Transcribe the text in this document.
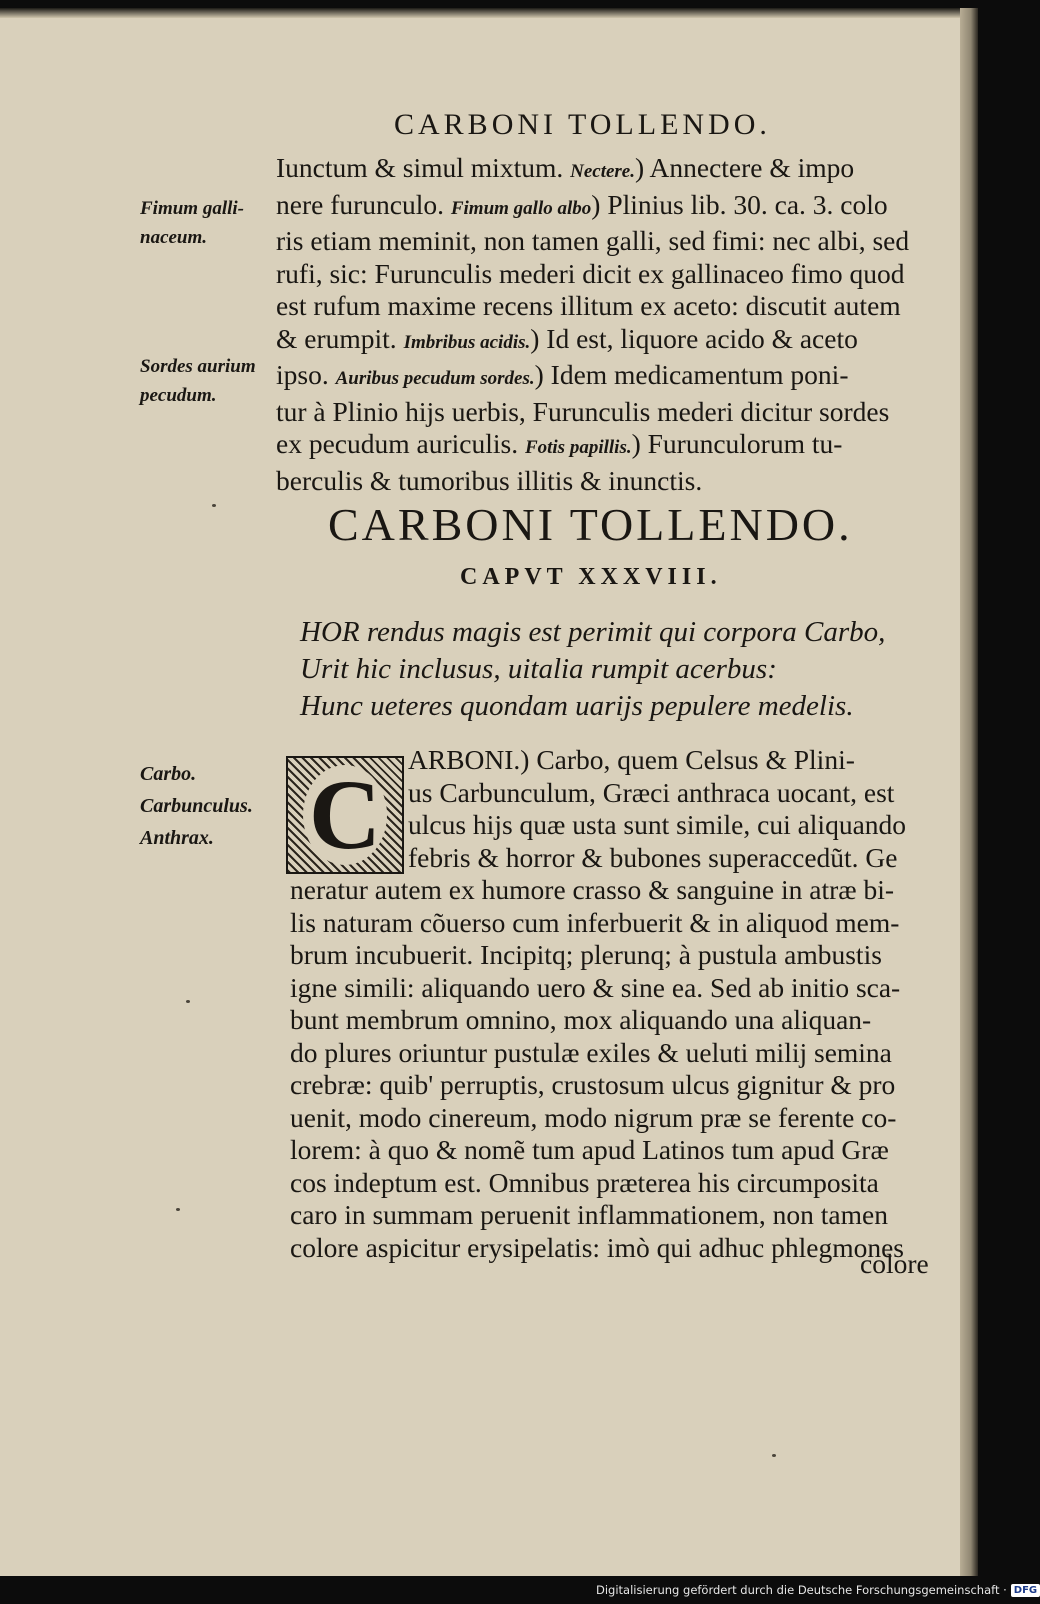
CARBONI TOLLENDO.
Iunctum & simul mixtum. Nectere.) Annectere & impo
nere furunculo. Fimum gallo albo) Plinius lib. 30. ca. 3. colo
ris etiam meminit, non tamen galli, sed fimi: nec albi, sed
rufi, sic: Furunculis mederi dicit ex gallinaceo fimo quod
est rufum maxime recens illitum ex aceto: discutit autem
& erumpit. Imbribus acidis.) Id est, liquore acido & aceto
ipso. Auribus pecudum sordes.) Idem medicamentum poni-
tur à Plinio hijs uerbis, Furunculis mederi dicitur sordes
ex pecudum auriculis. Fotis papillis.) Furunculorum tu-
berculis & tumoribus illitis & inunctis.
Fimum galli-
naceum.
Sordes aurium
pecudum.
CARBONI TOLLENDO.
CAPVT XXXVIII.
HOR rendus magis est perimit qui corpora Carbo,
Urit hic inclusus, uitalia rumpit acerbus:
Hunc ueteres quondam uarijs pepulere medelis.
Carbo.
Carbunculus.
Anthrax. C ARBONI.) Carbo, quem Celsus & Plini-
us Carbunculum, Græci anthraca uocant, est
ulcus hijs quæ usta sunt simile, cui aliquando
febris & horror & bubones superaccedũt. Ge
neratur autem ex humore crasso & sanguine in atræ bi-
lis naturam cõuerso cum inferbuerit & in aliquod mem-
brum incubuerit. Incipitq; plerunq; à pustula ambustis
igne simili: aliquando uero & sine ea. Sed ab initio sca-
bunt membrum omnino, mox aliquando una aliquan-
do plures oriuntur pustulæ exiles & ueluti milij semina
crebræ: quib' perruptis, crustosum ulcus gignitur & pro
uenit, modo cinereum, modo nigrum præ se ferente co-
lorem: à quo & nomẽ tum apud Latinos tum apud Græ
cos indeptum est. Omnibus præterea his circumposita
caro in summam peruenit inflammationem, non tamen
colore aspicitur erysipelatis: imò qui adhuc phlegmones
colore
Digitalisierung gefördert durch die Deutsche Forschungsgemeinschaft · DFG
